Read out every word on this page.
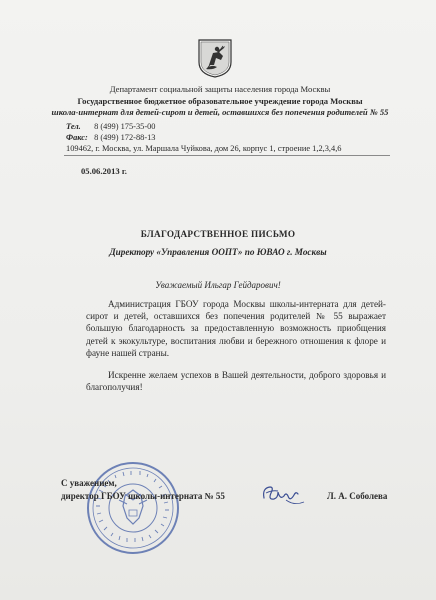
Департамент социальной защиты населения города Москвы
Государственное бюджетное образовательное учреждение города Москвы
школа-интернат для детей-сирот и детей, оставшихся без попечения родителей № 55
Тел. 8 (499) 175-35-00
Факс: 8 (499) 172-88-13
109462, г. Москва, ул. Маршала Чуйкова, дом 26, корпус 1, строение 1,2,3,4,6
05.06.2013 г.
БЛАГОДАРСТВЕННОЕ ПИСЬМО
Директору «Управления ООПТ» по ЮВАО г. Москвы
Уважаемый Ильгар Гейдарович!
Администрация ГБОУ города Москвы школы-интерната для детей-сирот и детей, оставшихся без попечения родителей № 55 выражает большую благодарность за предоставленную возможность приобщения детей к экокультуре, воспитания любви и бережного отношения к флоре и фауне нашей страны.
Искренне желаем успехов в Вашей деятельности, доброго здоровья и благополучия!
С уважением,
директор ГБОУ школы-интерната № 55	Л. А. Соболева
